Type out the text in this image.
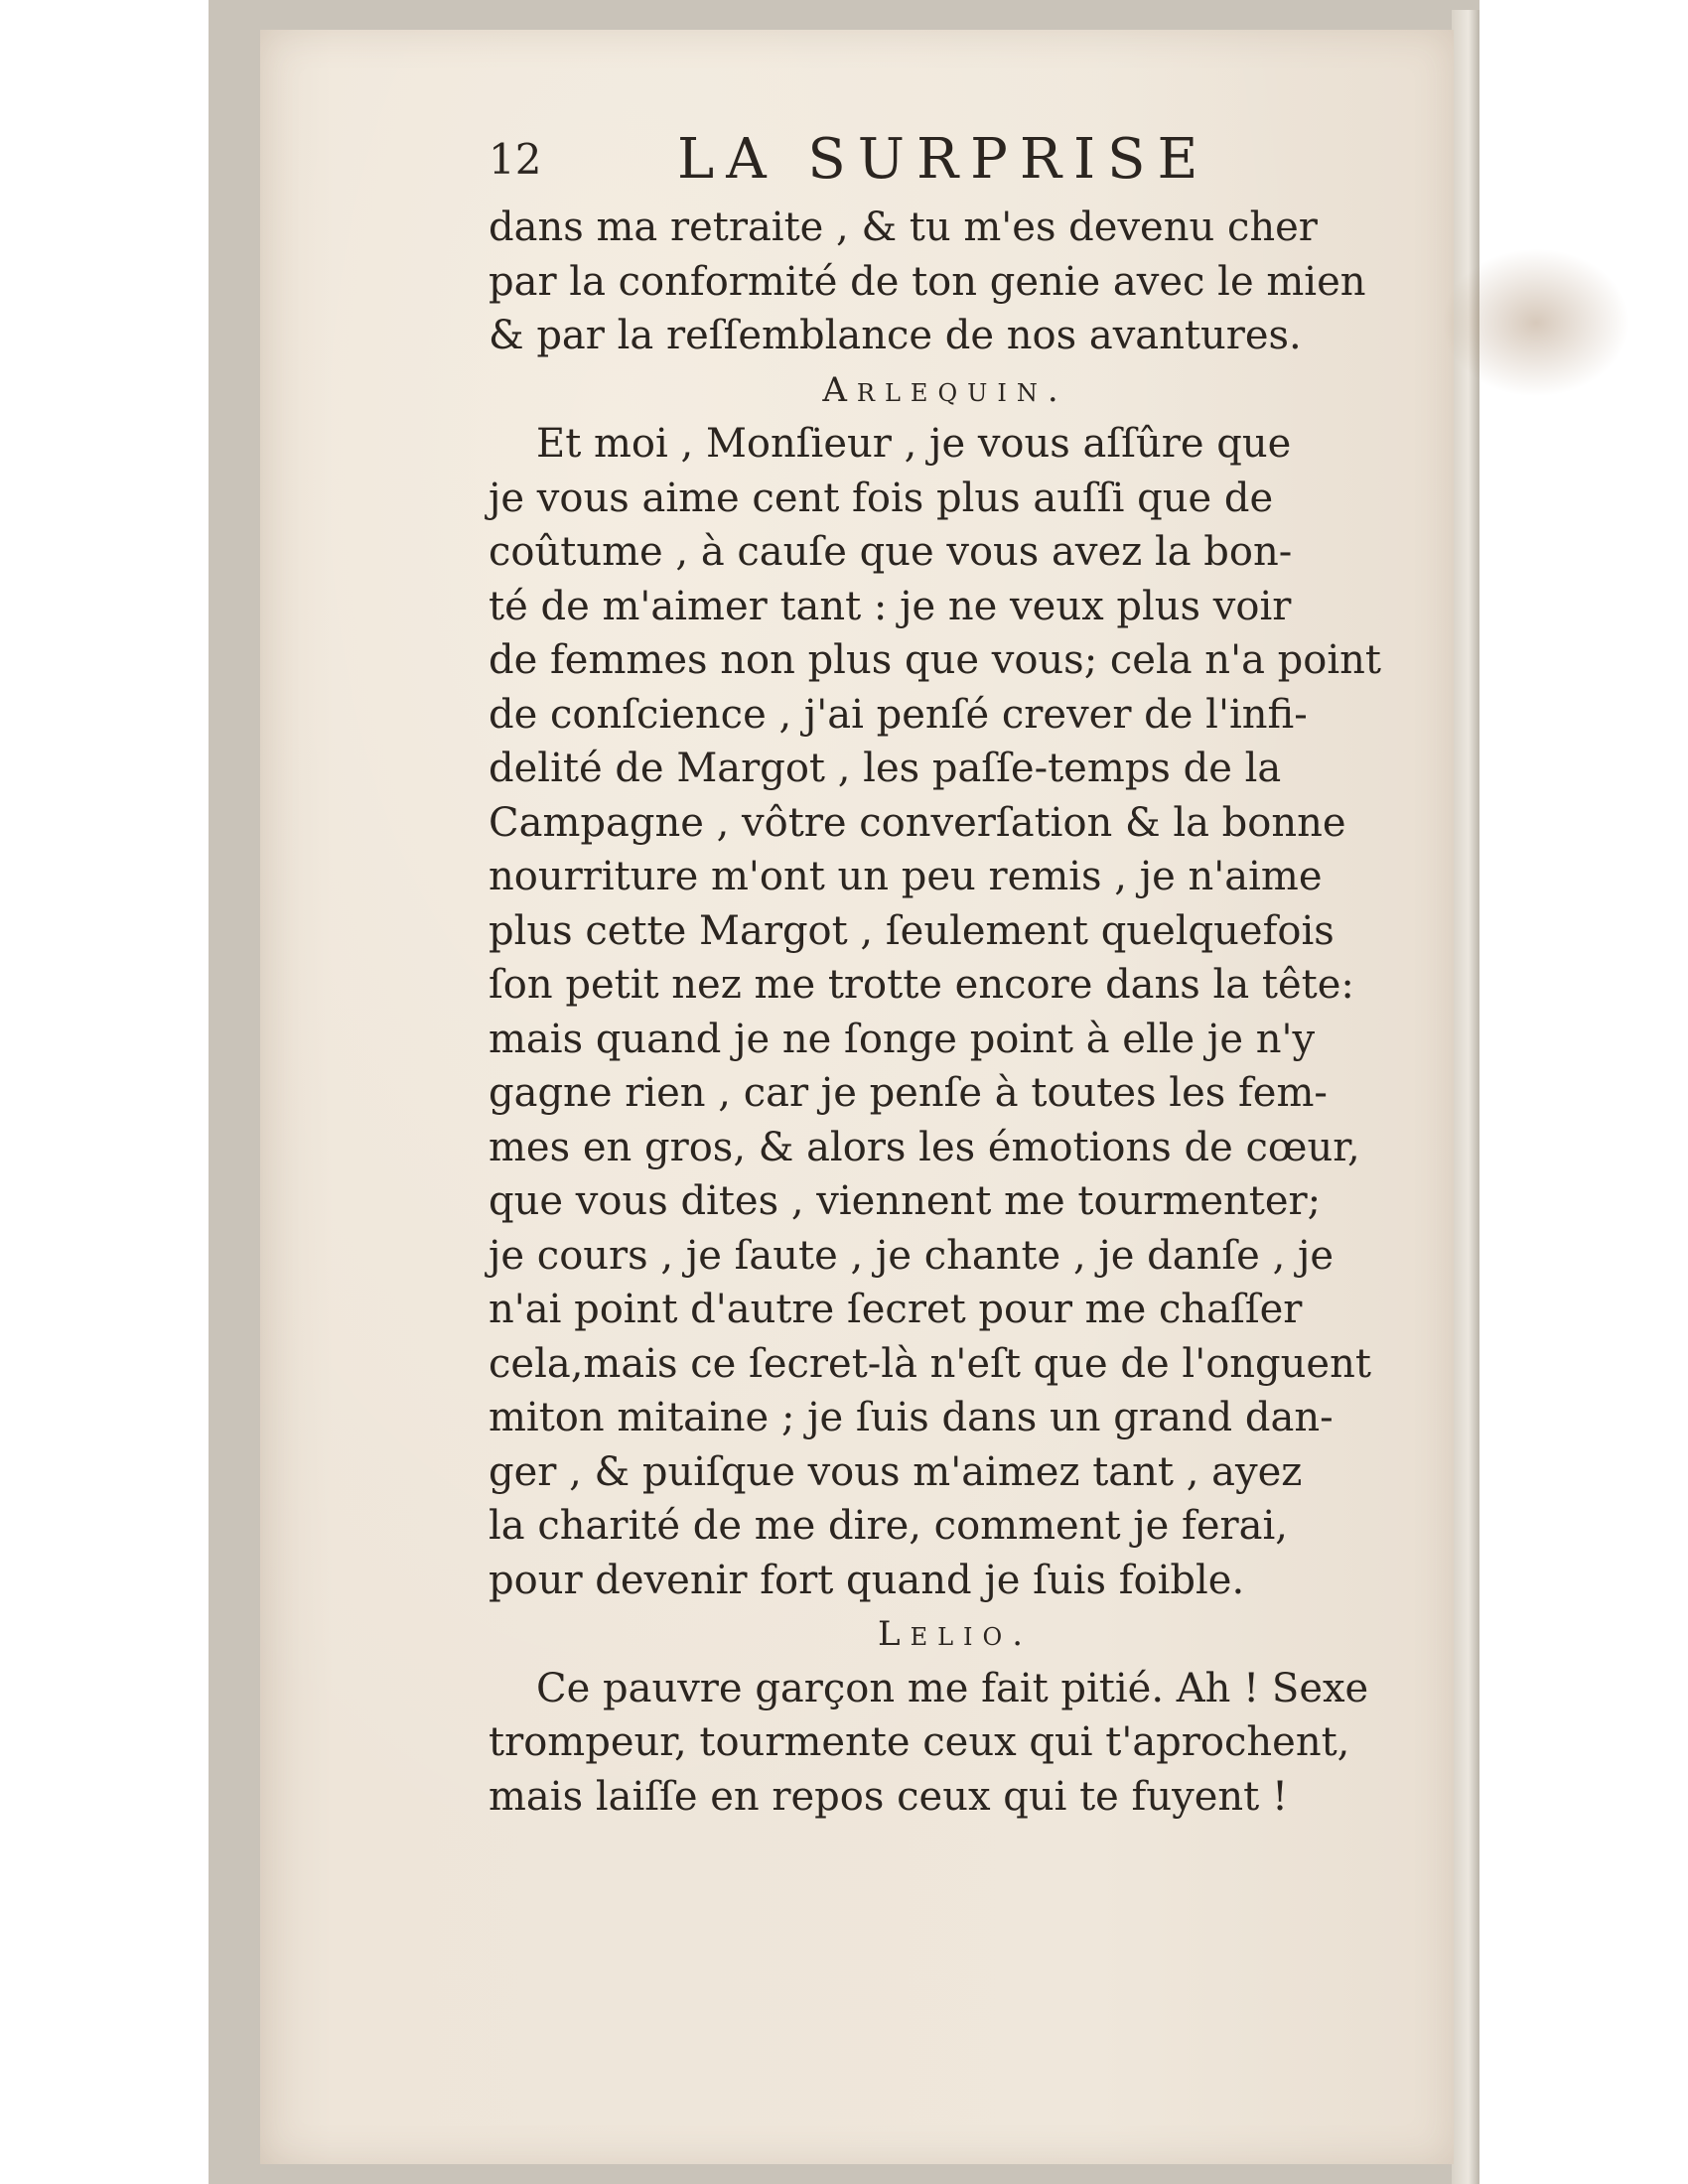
12 LA SURPRISE
dans ma retraite , & tu m'es devenu cher
par la conformité de ton genie avec le mien
& par la reſſemblance de nos avantures.
Arlequin.
Et moi , Monſieur , je vous aſſûre que
je vous aime cent fois plus auſſi que de
coûtume , à cauſe que vous avez la bon-
té de m'aimer tant : je ne veux plus voir
de femmes non plus que vous; cela n'a point
de conſcience , j'ai penſé crever de l'infi-
delité de Margot , les paſſe-temps de la
Campagne , vôtre converſation & la bonne
nourriture m'ont un peu remis , je n'aime
plus cette Margot , ſeulement quelquefois
ſon petit nez me trotte encore dans la tête:
mais quand je ne ſonge point à elle je n'y
gagne rien , car je penſe à toutes les fem-
mes en gros, & alors les émotions de cœur,
que vous dites , viennent me tourmenter;
je cours , je ſaute , je chante , je danſe , je
n'ai point d'autre ſecret pour me chaſſer
cela,mais ce ſecret-là n'eſt que de l'onguent
miton mitaine ; je ſuis dans un grand dan-
ger , & puiſque vous m'aimez tant , ayez
la charité de me dire, comment je ferai,
pour devenir fort quand je ſuis foible.
Lelio.
Ce pauvre garçon me fait pitié. Ah ! Sexe
trompeur, tourmente ceux qui t'aprochent,
mais laiſſe en repos ceux qui te fuyent !
